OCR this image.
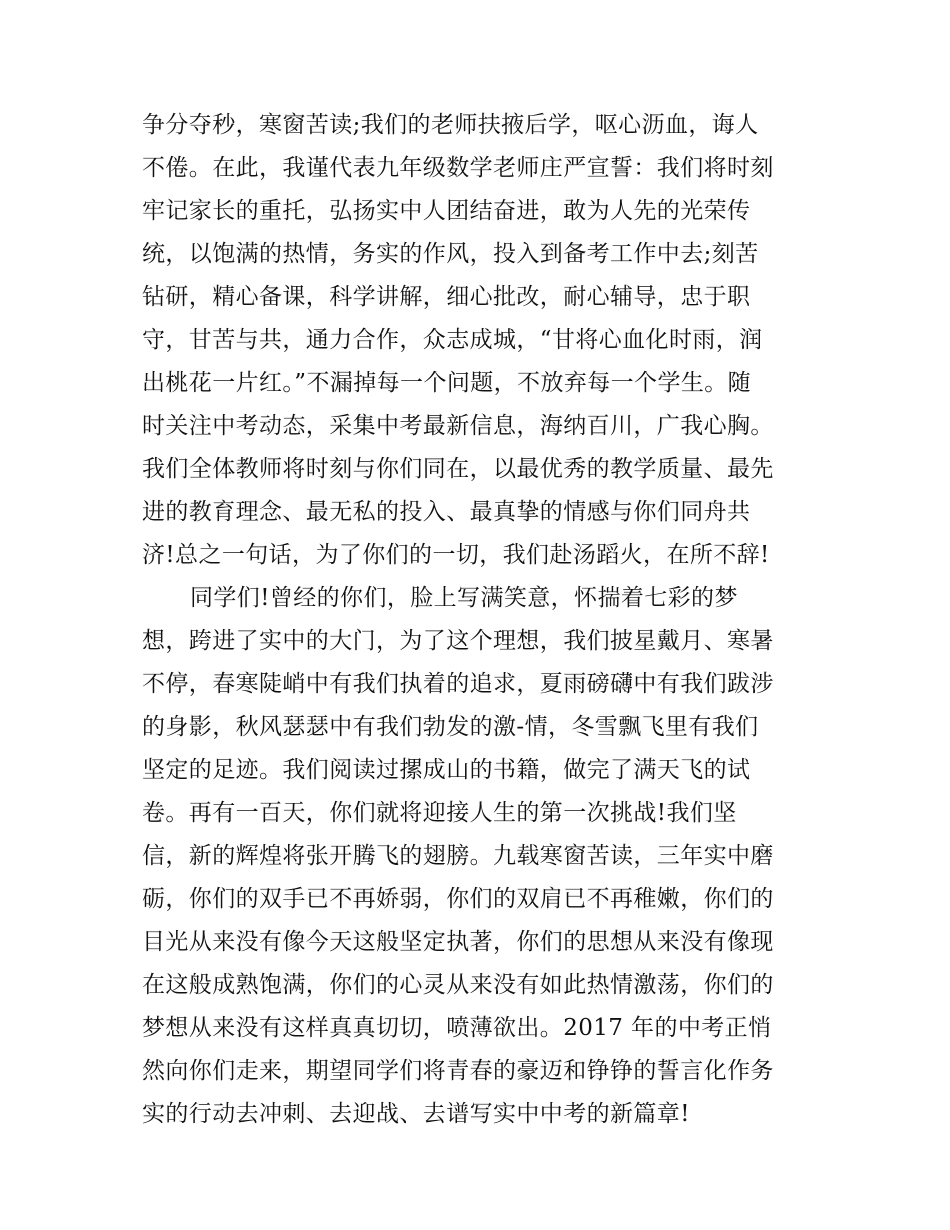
争分夺秒，寒窗苦读;我们的老师扶掖后学，呕心沥血，诲人
不倦。在此，我谨代表九年级数学老师庄严宣誓：我们将时刻
牢记家长的重托，弘扬实中人团结奋进，敢为人先的光荣传
统，以饱满的热情，务实的作风，投入到备考工作中去;刻苦
钻研，精心备课，科学讲解，细心批改，耐心辅导，忠于职
守，甘苦与共，通力合作，众志成城，“甘将心血化时雨，润
出桃花一片红。”不漏掉每一个问题，不放弃每一个学生。随
时关注中考动态，采集中考最新信息，海纳百川，广我心胸。
我们全体教师将时刻与你们同在，以最优秀的教学质量、最先
进的教育理念、最无私的投入、最真挚的情感与你们同舟共
济!总之一句话，为了你们的一切，我们赴汤蹈火，在所不辞!
同学们!曾经的你们，脸上写满笑意，怀揣着七彩的梦
想，跨进了实中的大门，为了这个理想，我们披星戴月、寒暑
不停，春寒陡峭中有我们执着的追求，夏雨磅礴中有我们跋涉
的身影，秋风瑟瑟中有我们勃发的激-情，冬雪飘飞里有我们
坚定的足迹。我们阅读过摞成山的书籍，做完了满天飞的试
卷。再有一百天，你们就将迎接人生的第一次挑战!我们坚
信，新的辉煌将张开腾飞的翅膀。九载寒窗苦读，三年实中磨
砺，你们的双手已不再娇弱，你们的双肩已不再稚嫩，你们的
目光从来没有像今天这般坚定执著，你们的思想从来没有像现
在这般成熟饱满，你们的心灵从来没有如此热情激荡，你们的
梦想从来没有这样真真切切，喷薄欲出。2017 年的中考正悄
然向你们走来，期望同学们将青春的豪迈和铮铮的誓言化作务
实的行动去冲刺、去迎战、去谱写实中中考的新篇章!
